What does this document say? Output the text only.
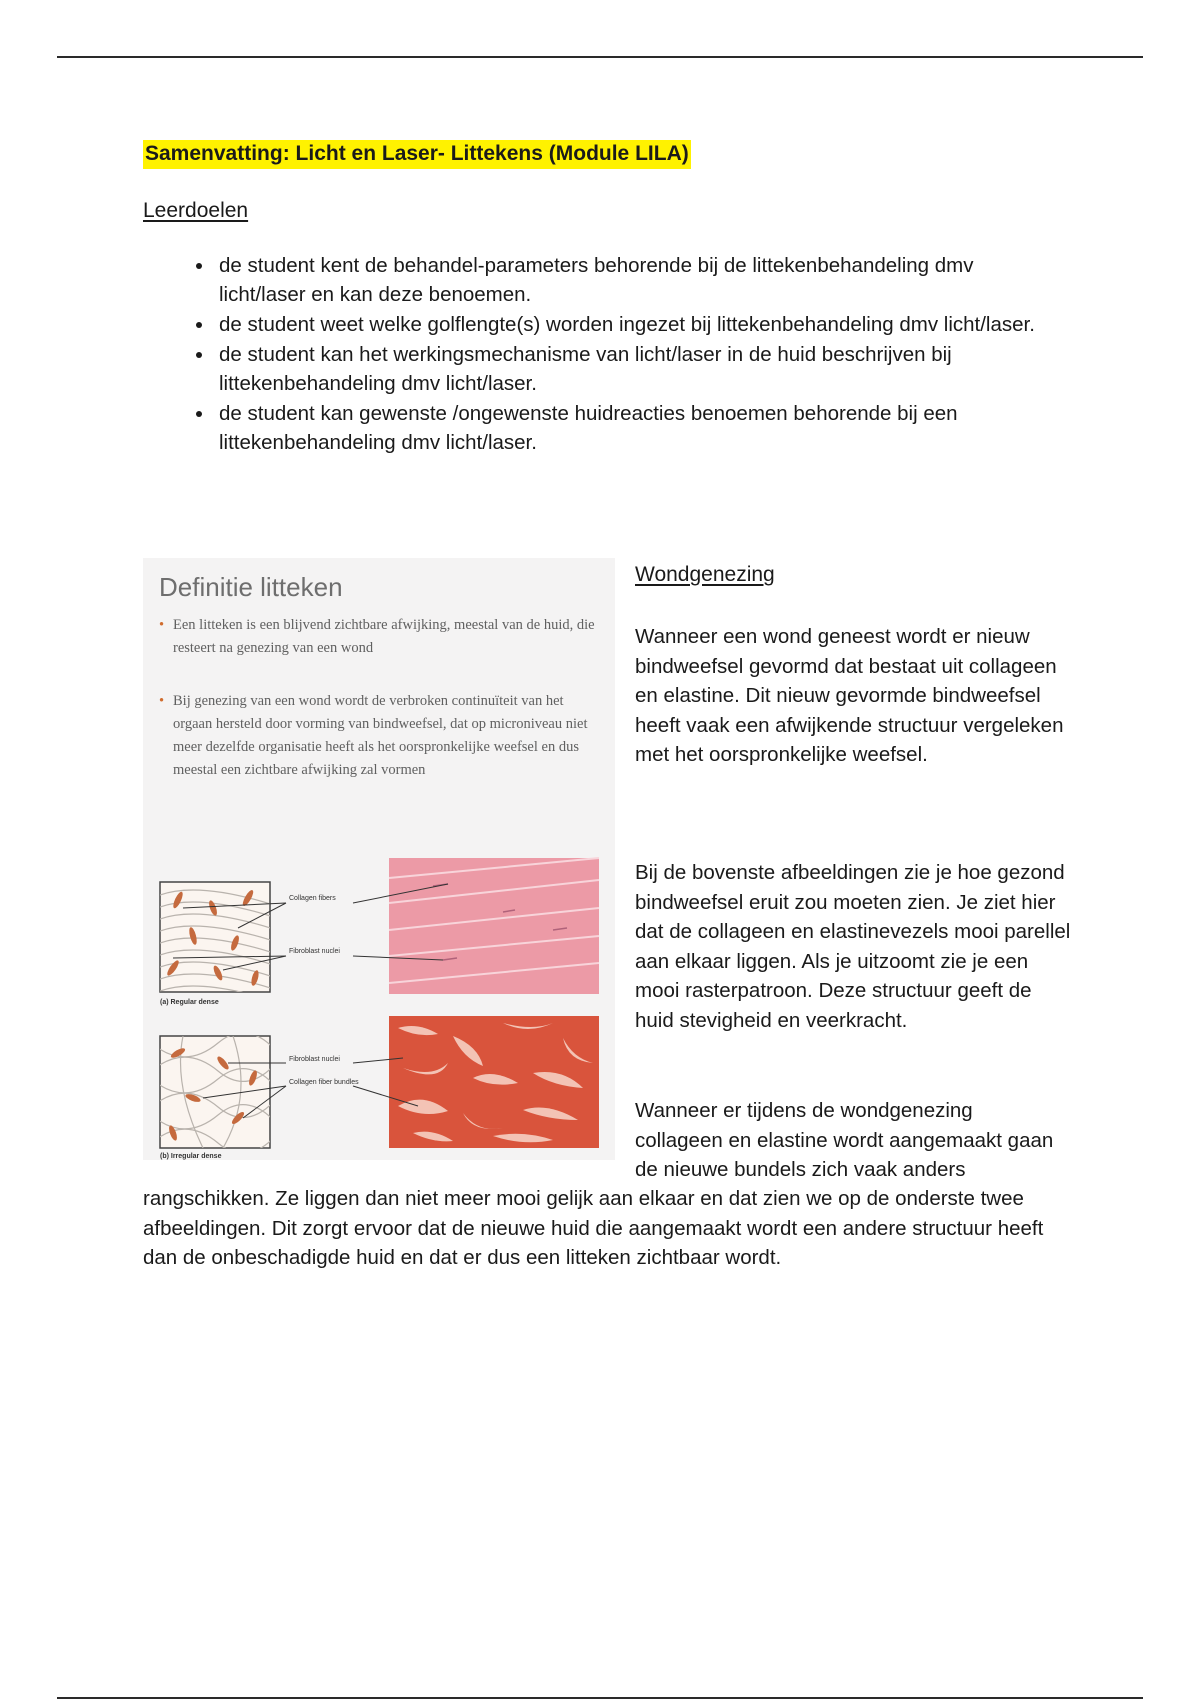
Samenvatting: Licht en Laser- Littekens (Module LILA)
Leerdoelen
• de student kent de behandel-parameters behorende bij de littekenbehandeling dmv licht/laser en kan deze benoemen.
• de student weet welke golflengte(s) worden ingezet bij littekenbehandeling dmv licht/laser.
• de student kan het werkingsmechanisme van licht/laser in de huid beschrijven bij littekenbehandeling dmv licht/laser.
• de student kan gewenste /ongewenste huidreacties benoemen behorende bij een littekenbehandeling dmv licht/laser.
Definitie litteken
• Een litteken is een blijvend zichtbare afwijking, meestal van de huid, die resteert na genezing van een wond
• Bij genezing van een wond wordt de verbroken continuïteit van het orgaan hersteld door vorming van bindweefsel, dat op microniveau niet meer dezelfde organisatie heeft als het oorspronkelijke weefsel en dus meestal een zichtbare afwijking zal vormen
Collagen fibers
Fibroblast nuclei
(a) Regular dense
Fibroblast nuclei
Collagen fiber bundles
(b) Irregular dense
Wondgenezing
Wanneer een wond geneest wordt er nieuw bindweefsel gevormd dat bestaat uit collageen en elastine. Dit nieuw gevormde bindweefsel heeft vaak een afwijkende structuur vergeleken met het oorspronkelijke weefsel.
Bij de bovenste afbeeldingen zie je hoe gezond bindweefsel eruit zou moeten zien. Je ziet hier dat de collageen en elastinevezels mooi parellel aan elkaar liggen. Als je uitzoomt zie je een mooi rasterpatroon. Deze structuur geeft de huid stevigheid en veerkracht.
Wanneer er tijdens de wondgenezing collageen en elastine wordt aangemaakt gaan de nieuwe bundels zich vaak anders
rangschikken. Ze liggen dan niet meer mooi gelijk aan elkaar en dat zien we op de onderste twee afbeeldingen. Dit zorgt ervoor dat de nieuwe huid die aangemaakt wordt een andere structuur heeft dan de onbeschadigde huid en dat er dus een litteken zichtbaar wordt.
